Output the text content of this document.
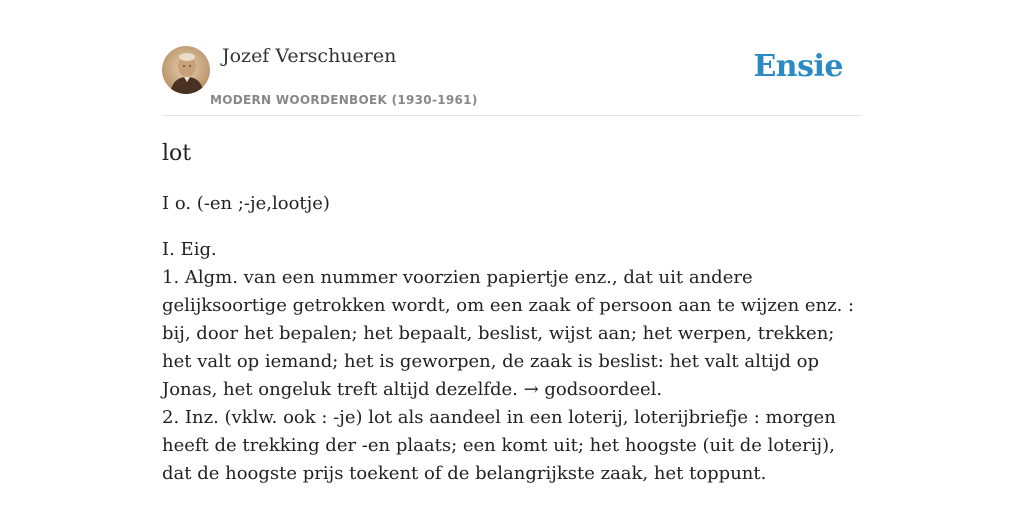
Jozef Verschueren
MODERN WOORDENBOEK (1930-1961)
Ensie
lot

I o. (-en ;-je,lootje)

I. Eig.
1. Algm. van een nummer voorzien papiertje enz., dat uit andere gelijksoortige getrokken wordt, om een zaak of persoon aan te wijzen enz. : bij, door het bepalen; het bepaalt, beslist, wijst aan; het werpen, trekken; het valt op iemand; het is geworpen, de zaak is beslist: het valt altijd op Jonas, het ongeluk treft altijd dezelfde. → godsoordeel.
2. Inz. (vklw. ook : -je) lot als aandeel in een loterij, loterijbriefje : morgen heeft de trekking der -en plaats; een komt uit; het hoogste (uit de loterij), dat de hoogste prijs toekent of de belangrijkste zaak, het toppunt.
